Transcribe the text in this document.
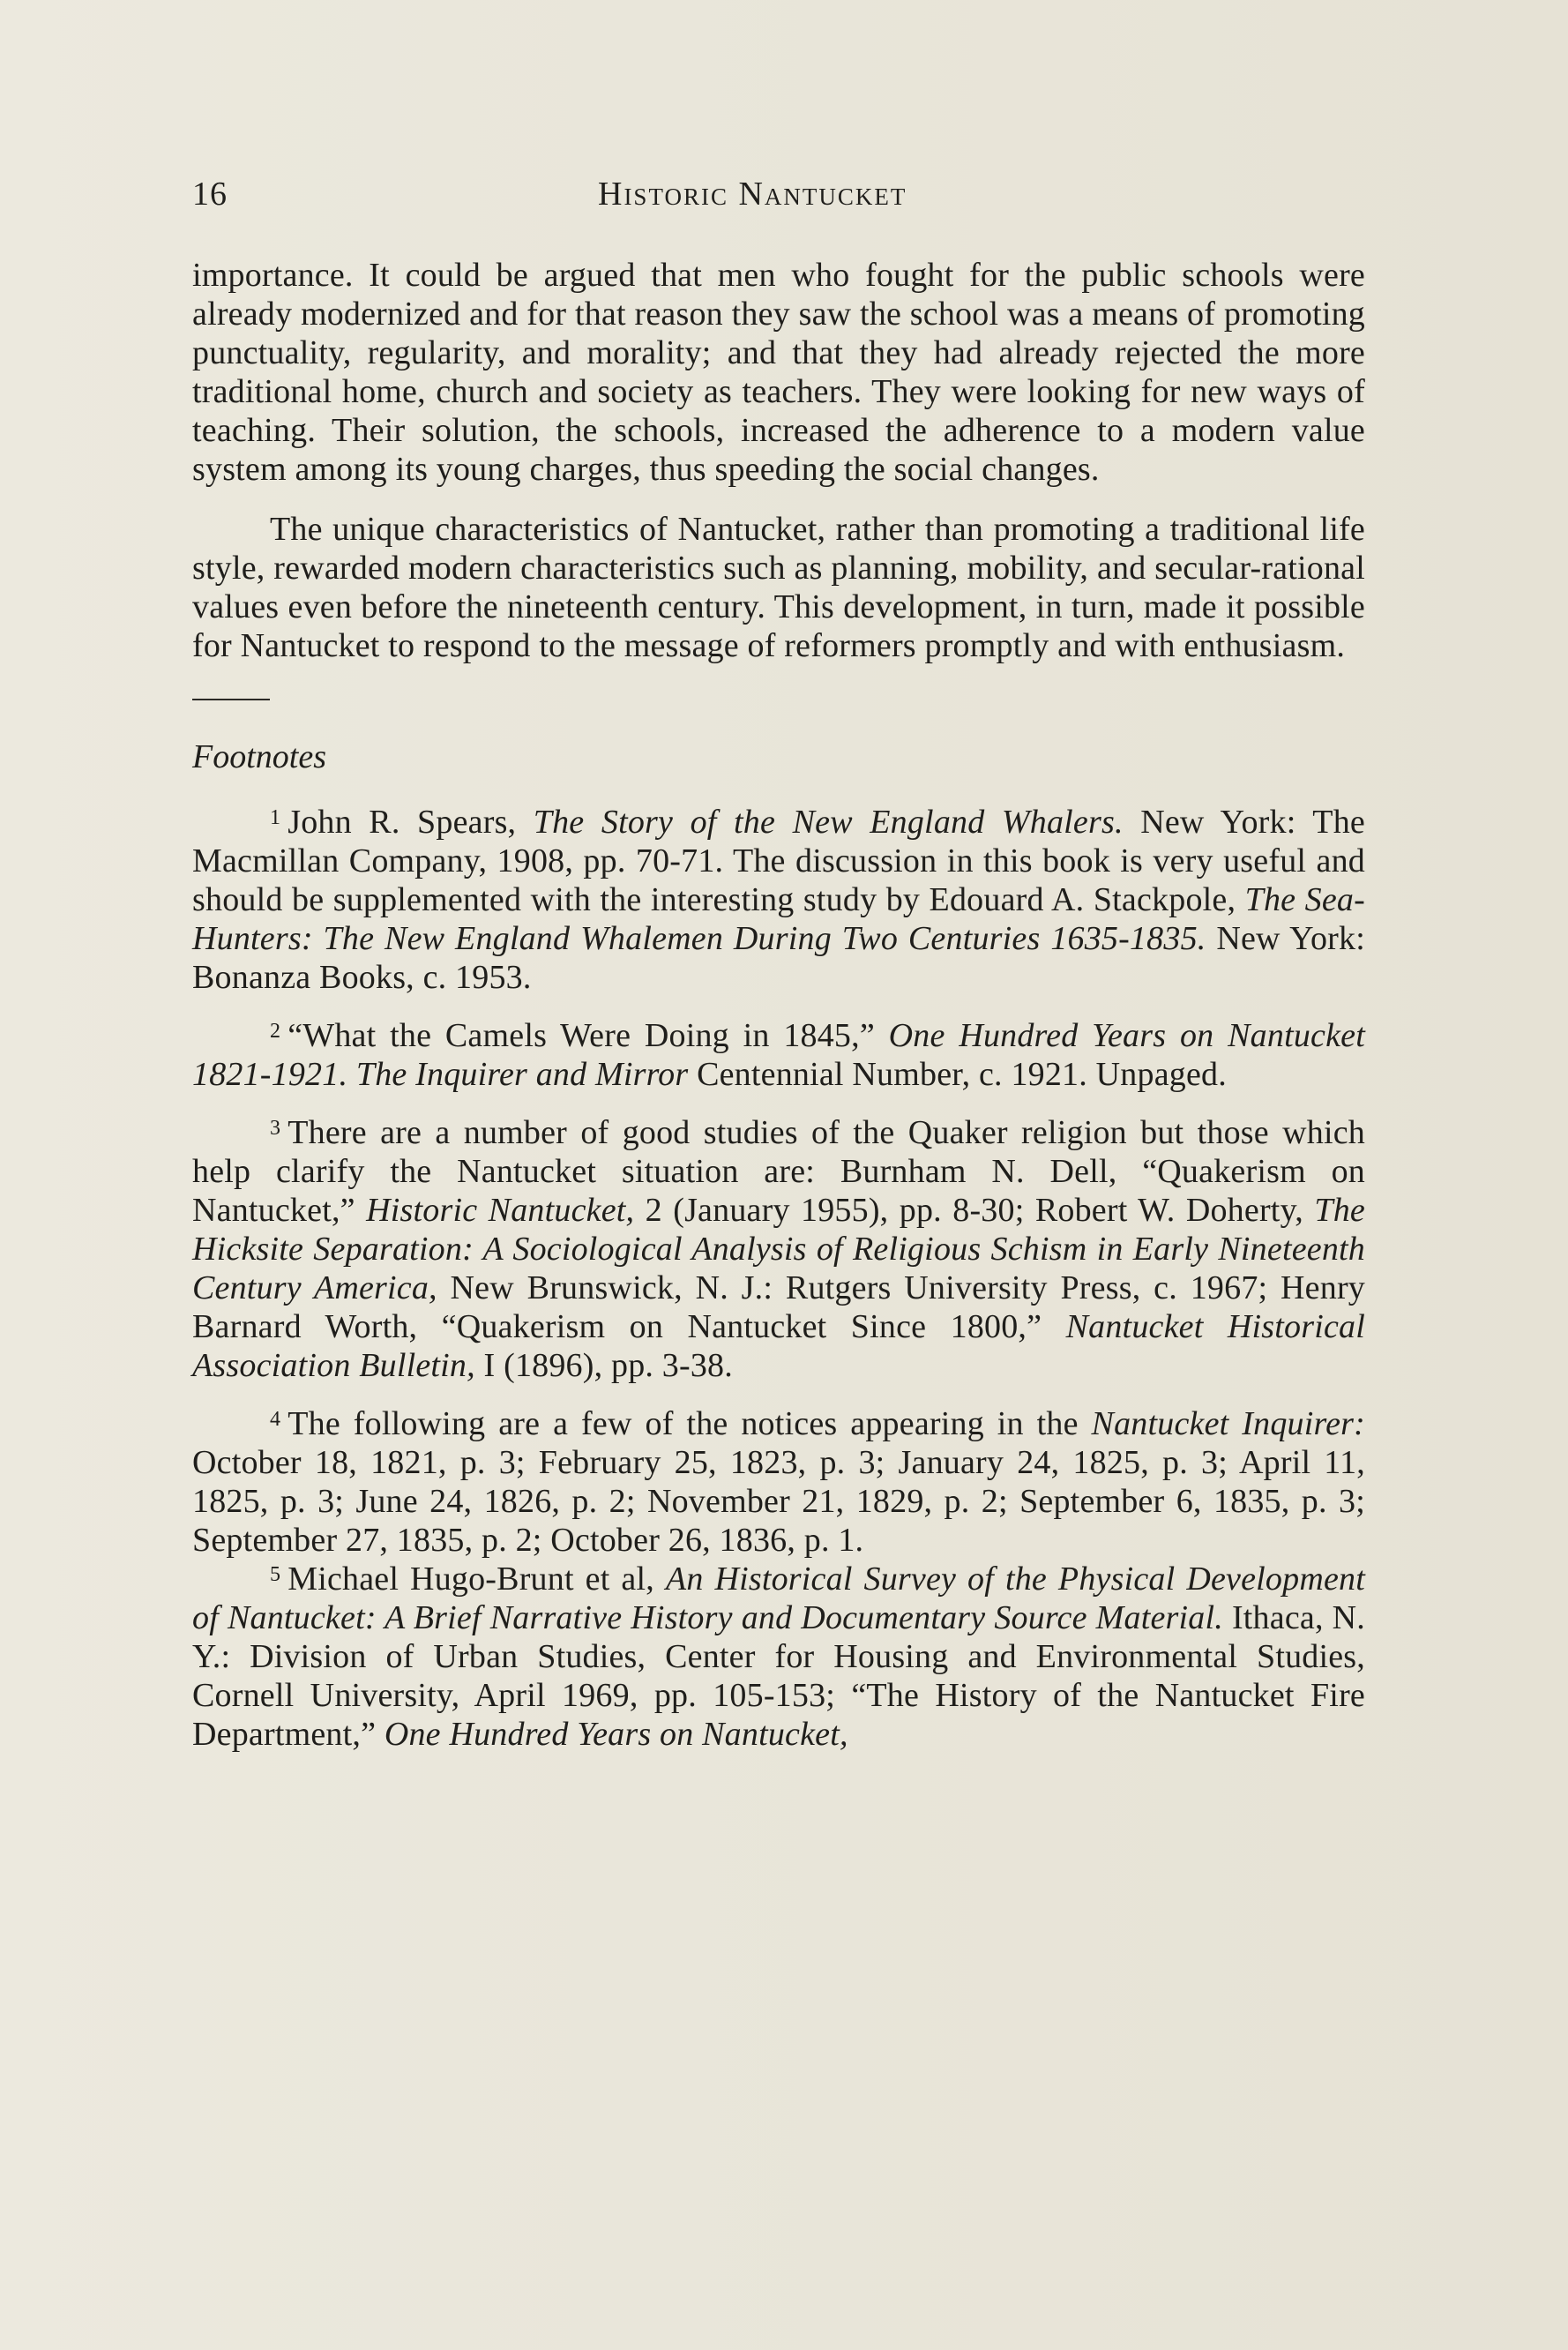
16	Historic Nantucket

importance. It could be argued that men who fought for the public schools were already modernized and for that reason they saw the school was a means of promoting punctuality, regularity, and morality; and that they had already rejected the more traditional home, church and society as teachers. They were looking for new ways of teaching. Their solution, the schools, increased the adherence to a modern value system among its young charges, thus speeding the social changes.

The unique characteristics of Nantucket, rather than promoting a traditional life style, rewarded modern characteristics such as planning, mobility, and secular-rational values even before the nineteenth century. This development, in turn, made it possible for Nantucket to respond to the message of reformers promptly and with enthusiasm.

Footnotes

$^1$ John R. Spears, The Story of the New England Whalers. New York: The Macmillan Company, 1908, pp. 70-71. The discussion in this book is very useful and should be supplemented with the interesting study by Edouard A. Stackpole, The Sea-Hunters: The New England Whalemen During Two Centuries 1635-1835. New York: Bonanza Books, c. 1953.

$^2$ “What the Camels Were Doing in 1845,” One Hundred Years on Nantucket 1821-1921. The Inquirer and Mirror Centennial Number, c. 1921. Unpaged.

$^3$ There are a number of good studies of the Quaker religion but those which help clarify the Nantucket situation are: Burnham N. Dell, “Quakerism on Nantucket,” Historic Nantucket, 2 (January 1955), pp. 8-30; Robert W. Doherty, The Hicksite Separation: A Sociological Analysis of Religious Schism in Early Nineteenth Century America, New Brunswick, N. J.: Rutgers University Press, c. 1967; Henry Barnard Worth, “Quakerism on Nantucket Since 1800,” Nantucket Historical Association Bulletin, I (1896), pp. 3-38.

$^4$ The following are a few of the notices appearing in the Nantucket Inquirer: October 18, 1821, p. 3; February 25, 1823, p. 3; January 24, 1825, p. 3; April 11, 1825, p. 3; June 24, 1826, p. 2; November 21, 1829, p. 2; September 6, 1835, p. 3; September 27, 1835, p. 2; October 26, 1836, p. 1.

$^5$ Michael Hugo-Brunt et al, An Historical Survey of the Physical Development of Nantucket: A Brief Narrative History and Documentary Source Material. Ithaca, N. Y.: Division of Urban Studies, Center for Housing and Environmental Studies, Cornell University, April 1969, pp. 105-153; “The History of the Nantucket Fire Department,” One Hundred Years on Nantucket,
